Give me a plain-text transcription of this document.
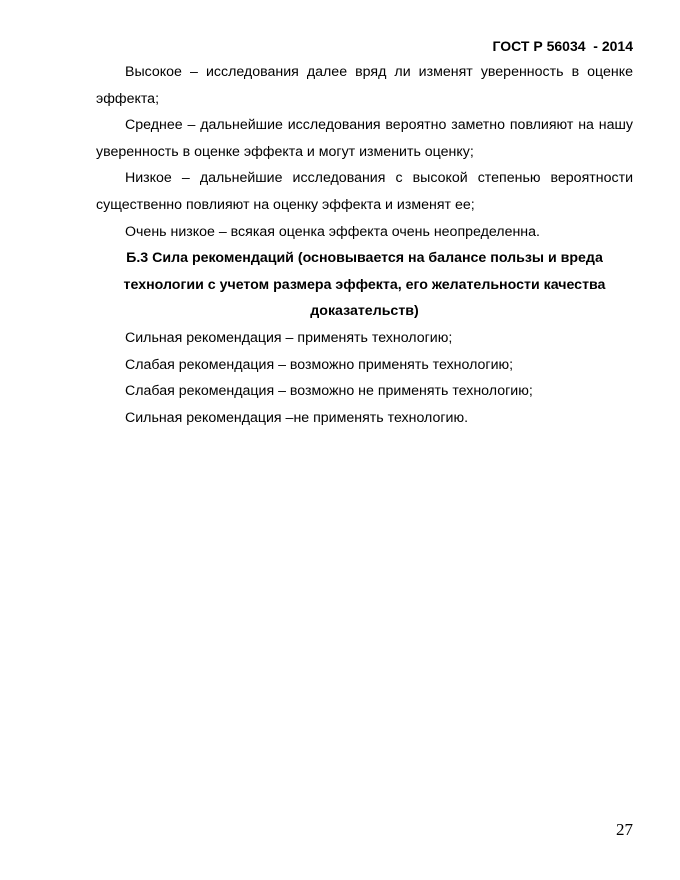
ГОСТ Р 56034  - 2014

Высокое – исследования далее вряд ли изменят уверенность в оценке эффекта;

Среднее – дальнейшие исследования вероятно заметно повлияют на нашу уверенность в оценке эффекта и могут изменить оценку;

Низкое – дальнейшие исследования с высокой степенью вероятности существенно повлияют на оценку эффекта и изменят ее;

Очень низкое – всякая оценка эффекта очень неопределенна.

Б.3 Сила рекомендаций (основывается на балансе пользы и вреда технологии с учетом размера эффекта, его желательности качества доказательств)

Сильная рекомендация – применять технологию;

Слабая рекомендация – возможно применять технологию;

Слабая рекомендация – возможно не применять технологию;

Сильная рекомендация –не применять технологию.

27
